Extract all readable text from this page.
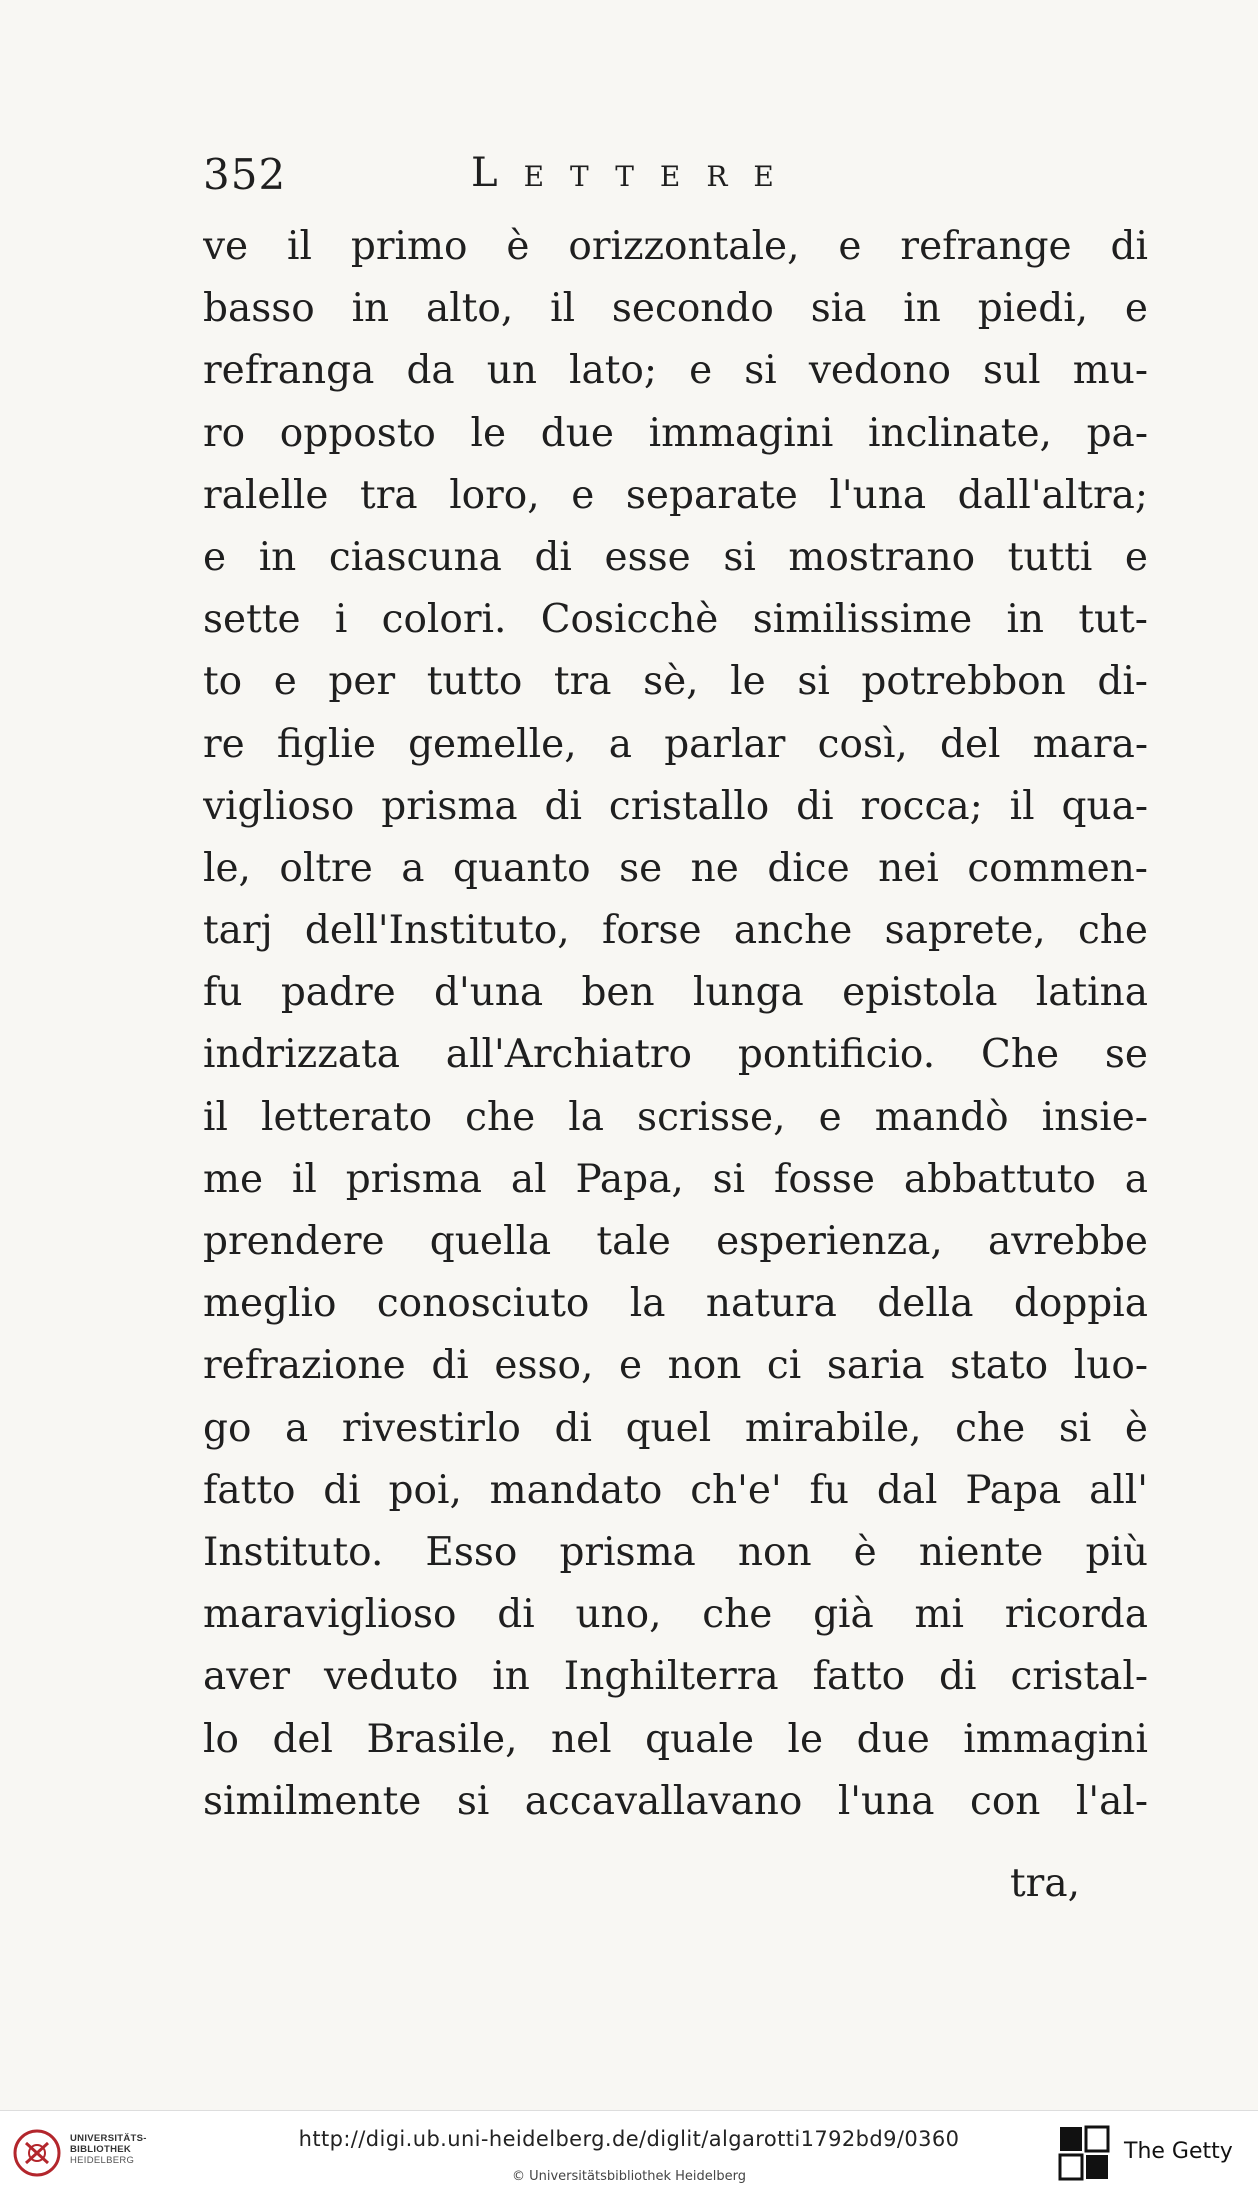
352	Lettere
ve il primo è orizzontale, e refrange di
basso in alto, il secondo sia in piedi, e
refranga da un lato; e si vedono sul mu-
ro opposto le due immagini inclinate, pa-
ralelle tra loro, e separate l'una dall'altra;
e in ciascuna di esse si mostrano tutti e
sette i colori. Cosicchè similissime in tut-
to e per tutto tra sè, le si potrebbon di-
re figlie gemelle, a parlar così, del mara-
viglioso prisma di cristallo di rocca; il qua-
le, oltre a quanto se ne dice nei commen-
tarj dell'Instituto, forse anche saprete, che
fu padre d'una ben lunga epistola latina
indrizzata all'Archiatro pontificio. Che se
il letterato che la scrisse, e mandò insie-
me il prisma al Papa, si fosse abbattuto a
prendere quella tale esperienza, avrebbe
meglio conosciuto la natura della doppia
refrazione di esso, e non ci saria stato luo-
go a rivestirlo di quel mirabile, che si è
fatto di poi, mandato ch'e' fu dal Papa all'
Instituto. Esso prisma non è niente più
maraviglioso di uno, che già mi ricorda
aver veduto in Inghilterra fatto di cristal-
lo del Brasile, nel quale le due immagini
similmente si accavallavano l'una con l'al-
tra,
UNIVERSITÄTS-
BIBLIOTHEK
HEIDELBERG
http://digi.ub.uni-heidelberg.de/diglit/algarotti1792bd9/0360
© Universitätsbibliothek Heidelberg
The Getty
